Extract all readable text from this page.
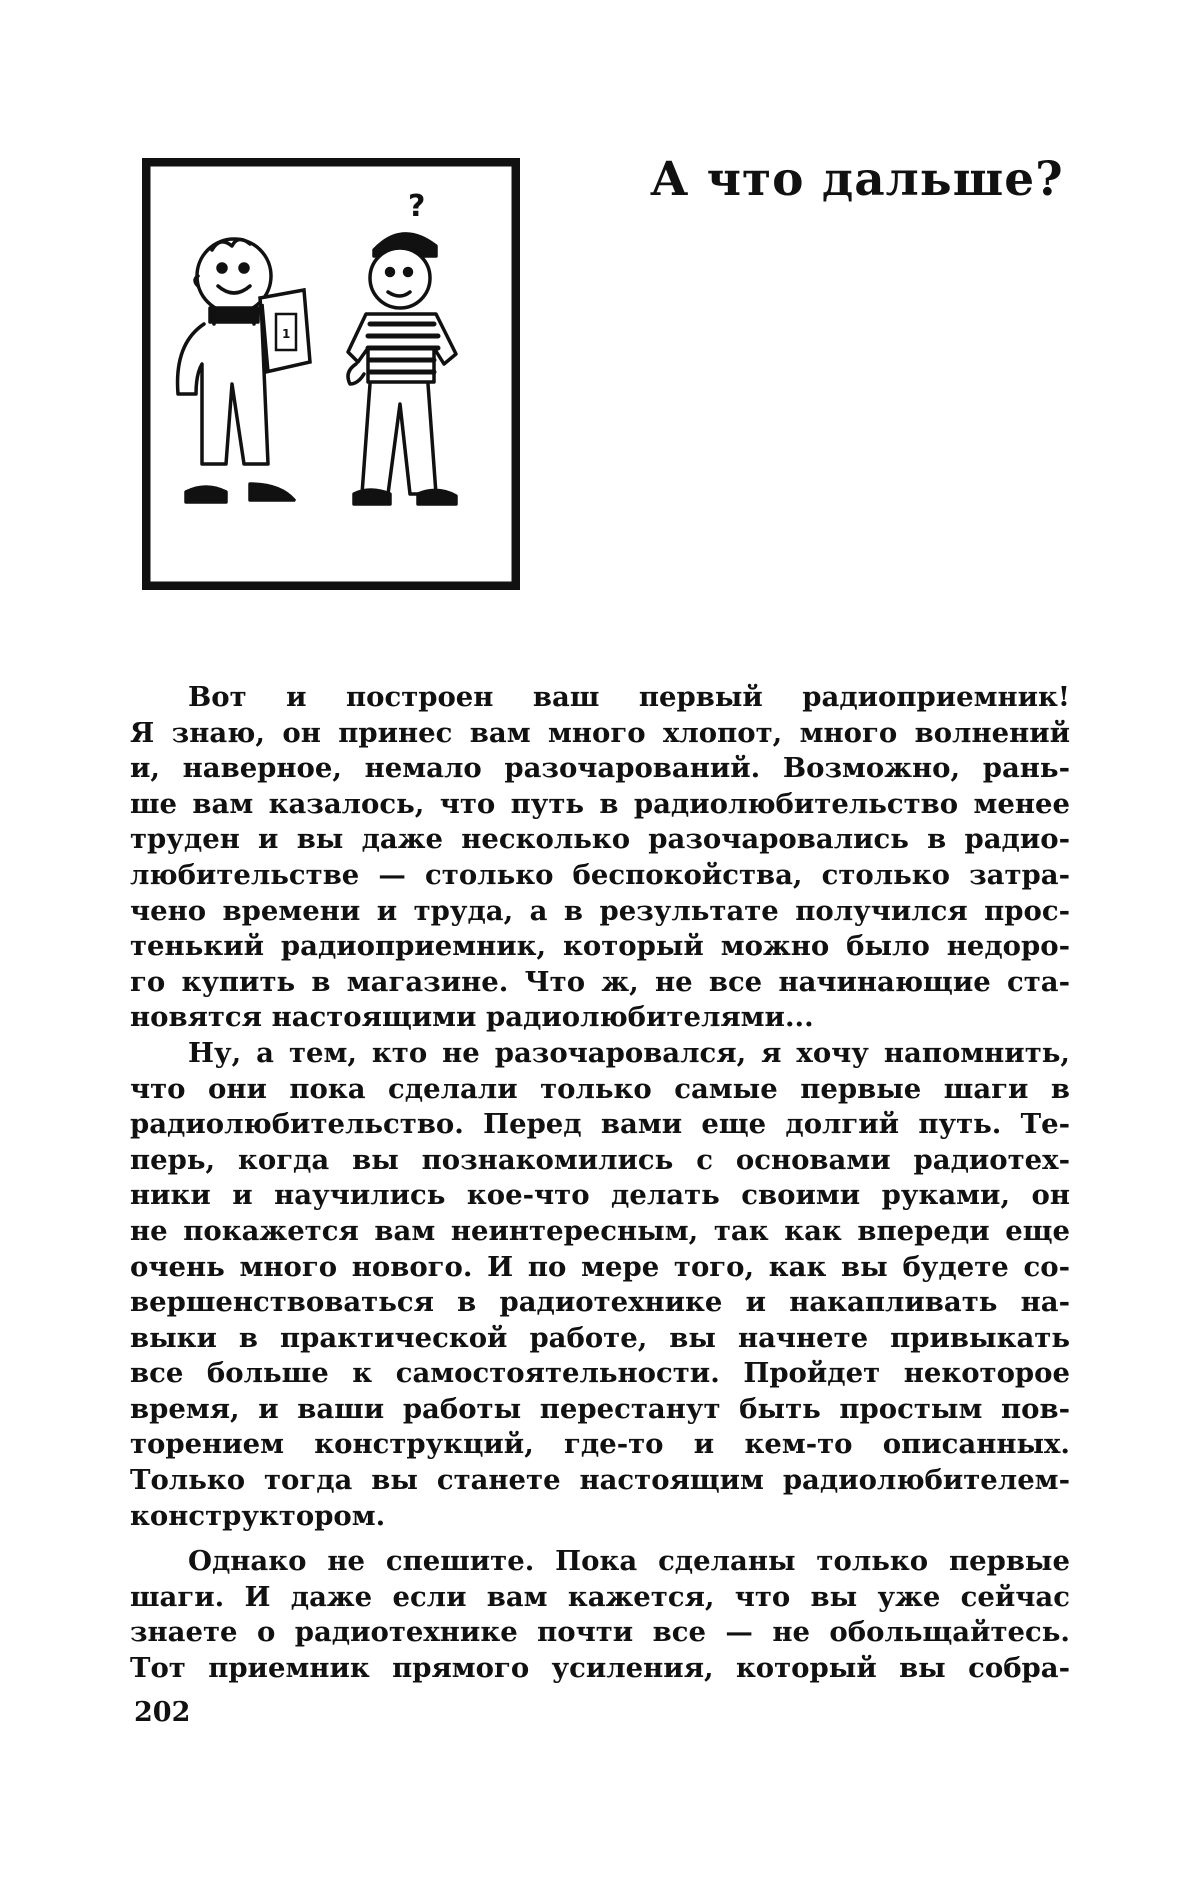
1
?	А что дальше?

Вот и построен ваш первый радиоприемник!
Я знаю, он принес вам много хлопот, много волнений
и, наверное, немало разочарований. Возможно, рань-
ше вам казалось, что путь в радиолюбительство менее
труден и вы даже несколько разочаровались в радио-
любительстве — столько беспокойства, столько затра-
чено времени и труда, а в результате получился прос-
тенький радиоприемник, который можно было недоро-
го купить в магазине. Что ж, не все начинающие ста-
новятся настоящими радиолюбителями...

Ну, а тем, кто не разочаровался, я хочу напомнить,
что они пока сделали только самые первые шаги в
радиолюбительство. Перед вами еще долгий путь. Те-
перь, когда вы познакомились с основами радиотех-
ники и научились кое-что делать своими руками, он
не покажется вам неинтересным, так как впереди еще
очень много нового. И по мере того, как вы будете со-
вершенствоваться в радиотехнике и накапливать на-
выки в практической работе, вы начнете привыкать
все больше к самостоятельности. Пройдет некоторое
время, и ваши работы перестанут быть простым пов-
торением конструкций, где-то и кем-то описанных.
Только тогда вы станете настоящим радиолюбителем-
конструктором.

Однако не спешите. Пока сделаны только первые
шаги. И даже если вам кажется, что вы уже сейчас
знаете о радиотехнике почти все — не обольщайтесь.
Тот приемник прямого усиления, который вы собра-

202
